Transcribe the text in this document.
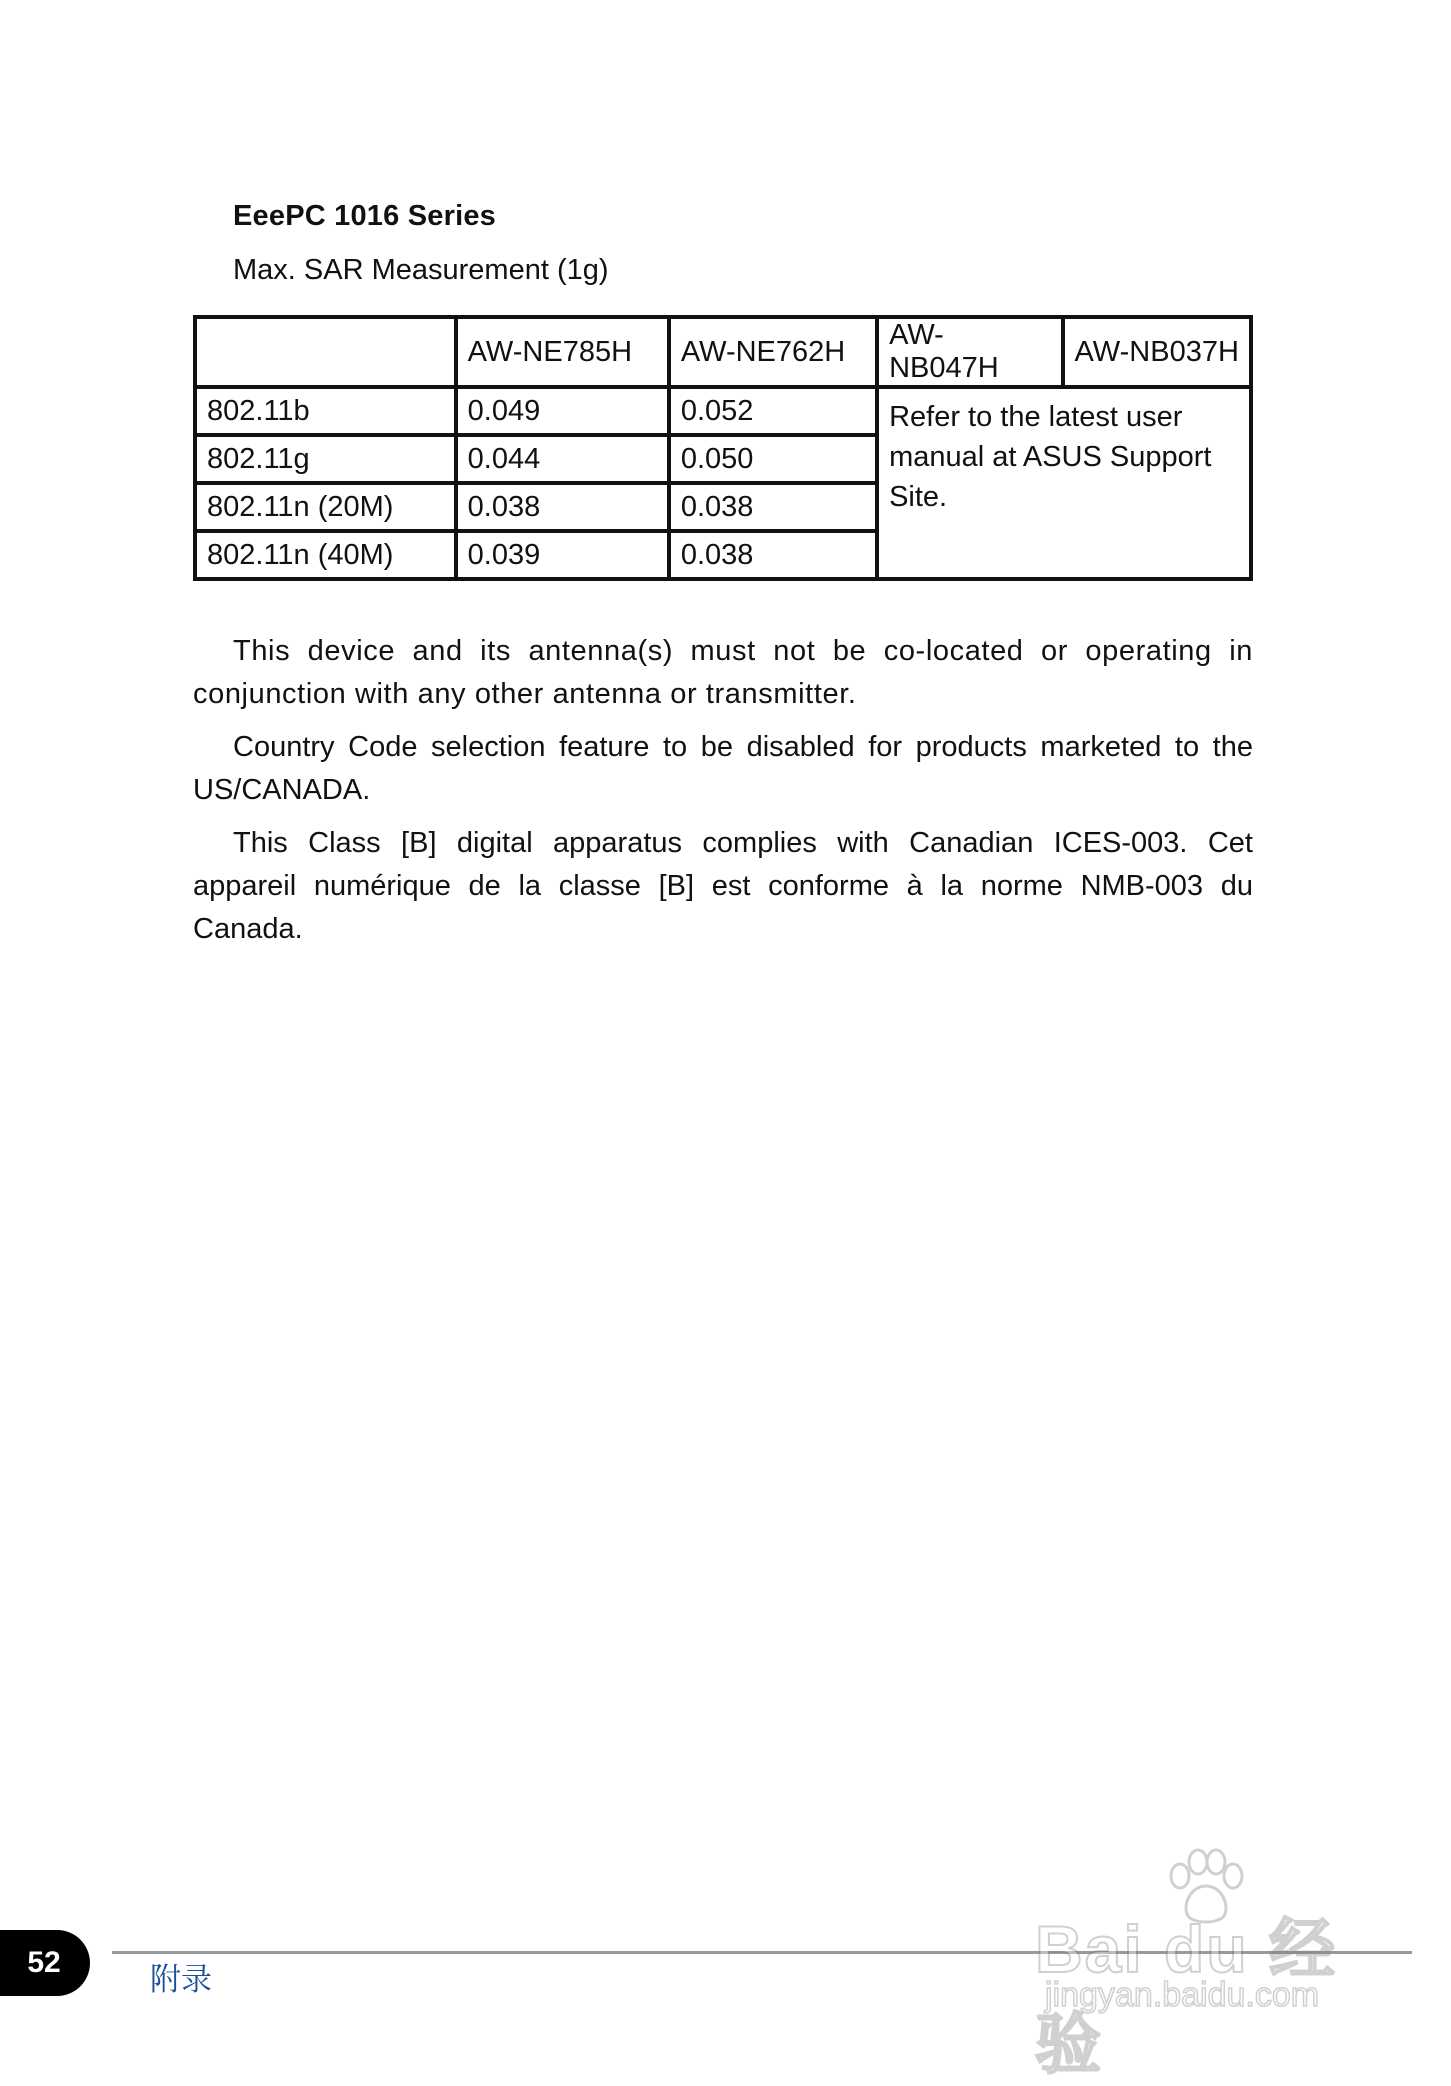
EeePC 1016 Series

Max. SAR Measurement (1g)

	AW-NE785H	AW-NE762H	AW-NB047H	AW-NB037H
802.11b	0.049	0.052	Refer to the latest user manual at ASUS Support Site.	
802.11g	0.044	0.050		
802.11n (20M)	0.038	0.038		
802.11n (40M)	0.039	0.038		

This device and its antenna(s) must not be co-located or operating in conjunction with any other antenna or transmitter.

Country Code selection feature to be disabled for products marketed to the US/CANADA.

This Class [B] digital apparatus complies with Canadian ICES-003. Cet appareil numérique de la classe [B] est conforme à la norme NMB-003 du Canada.

52	附录	Bai du 经验
jingyan.baidu.com
